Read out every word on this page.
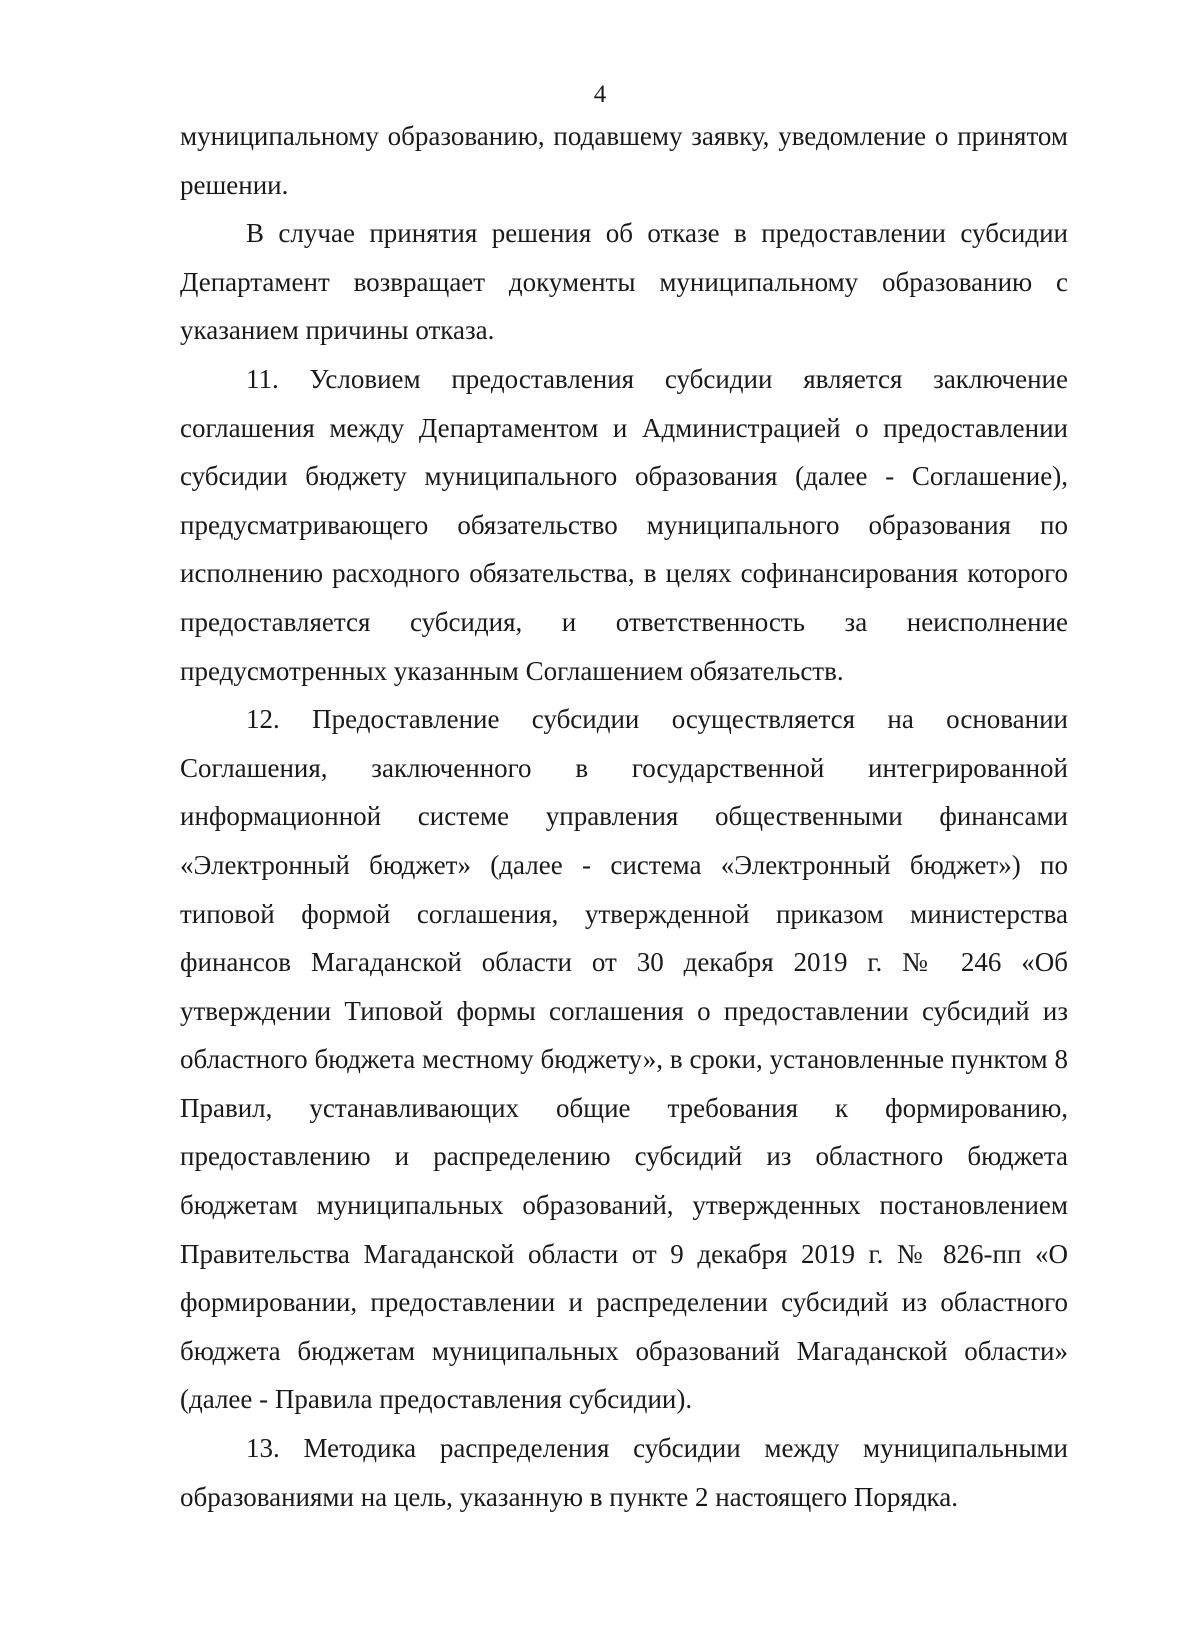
4

муниципальному образованию, подавшему заявку, уведомление о принятом решении.

В случае принятия решения об отказе в предоставлении субсидии Департамент возвращает документы муниципальному образованию с указанием причины отказа.

11. Условием предоставления субсидии является заключение соглашения между Департаментом и Администрацией о предоставлении субсидии бюджету муниципального образования (далее - Соглашение), предусматривающего обязательство муниципального образования по исполнению расходного обязательства, в целях софинансирования которого предоставляется субсидия, и ответственность за неисполнение предусмотренных указанным Соглашением обязательств.

12. Предоставление субсидии осуществляется на основании Соглашения, заключенного в государственной интегрированной информационной системе управления общественными финансами «Электронный бюджет» (далее - система «Электронный бюджет») по типовой формой соглашения, утвержденной приказом министерства финансов Магаданской области от 30 декабря 2019 г. № 246 «Об утверждении Типовой формы соглашения о предоставлении субсидий из областного бюджета местному бюджету», в сроки, установленные пунктом 8 Правил, устанавливающих общие требования к формированию, предоставлению и распределению субсидий из областного бюджета бюджетам муниципальных образований, утвержденных постановлением Правительства Магаданской области от 9 декабря 2019 г. № 826-пп «О формировании, предоставлении и распределении субсидий из областного бюджета бюджетам муниципальных образований Магаданской области» (далее - Правила предоставления субсидии).

13. Методика распределения субсидии между муниципальными образованиями на цель, указанную в пункте 2 настоящего Порядка.
